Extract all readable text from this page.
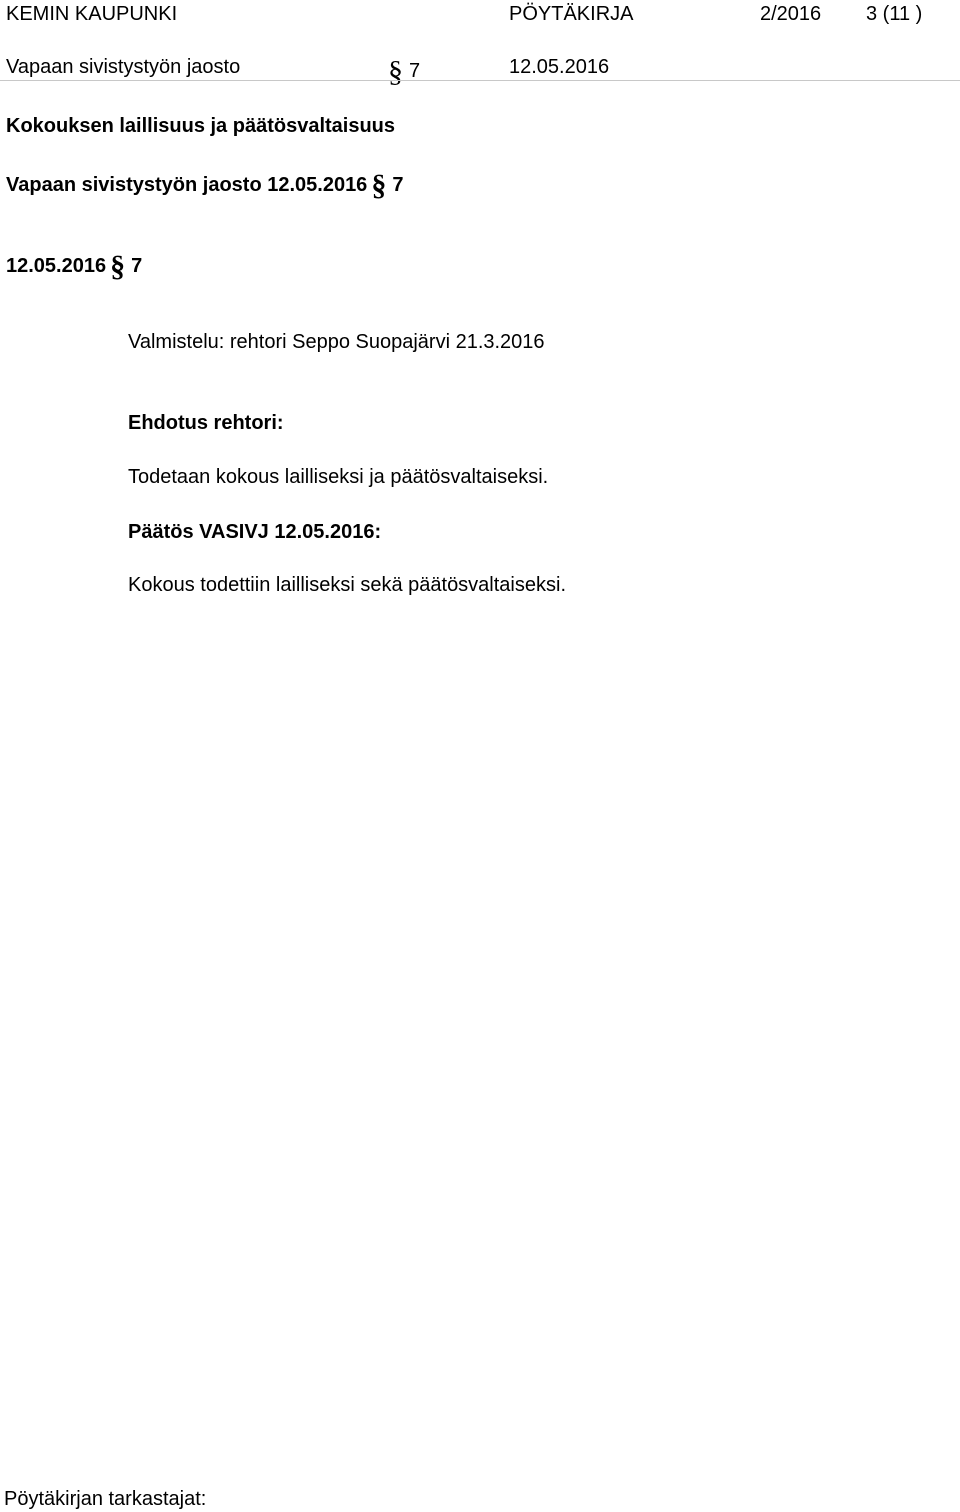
KEMIN KAUPUNKI	PÖYTÄKIRJA	2/2016 3 (11 )
Vapaan sivistystyön jaosto	§ 7	12.05.2016
Kokouksen laillisuus ja päätösvaltaisuus
Vapaan sivistystyön jaosto 12.05.2016 § 7
12.05.2016 § 7
Valmistelu: rehtori Seppo Suopajärvi 21.3.2016
Ehdotus rehtori:
Todetaan kokous lailliseksi ja päätösvaltaiseksi.
Päätös VASIVJ 12.05.2016:
Kokous todettiin lailliseksi sekä päätösvaltaiseksi.
Pöytäkirjan tarkastajat:
